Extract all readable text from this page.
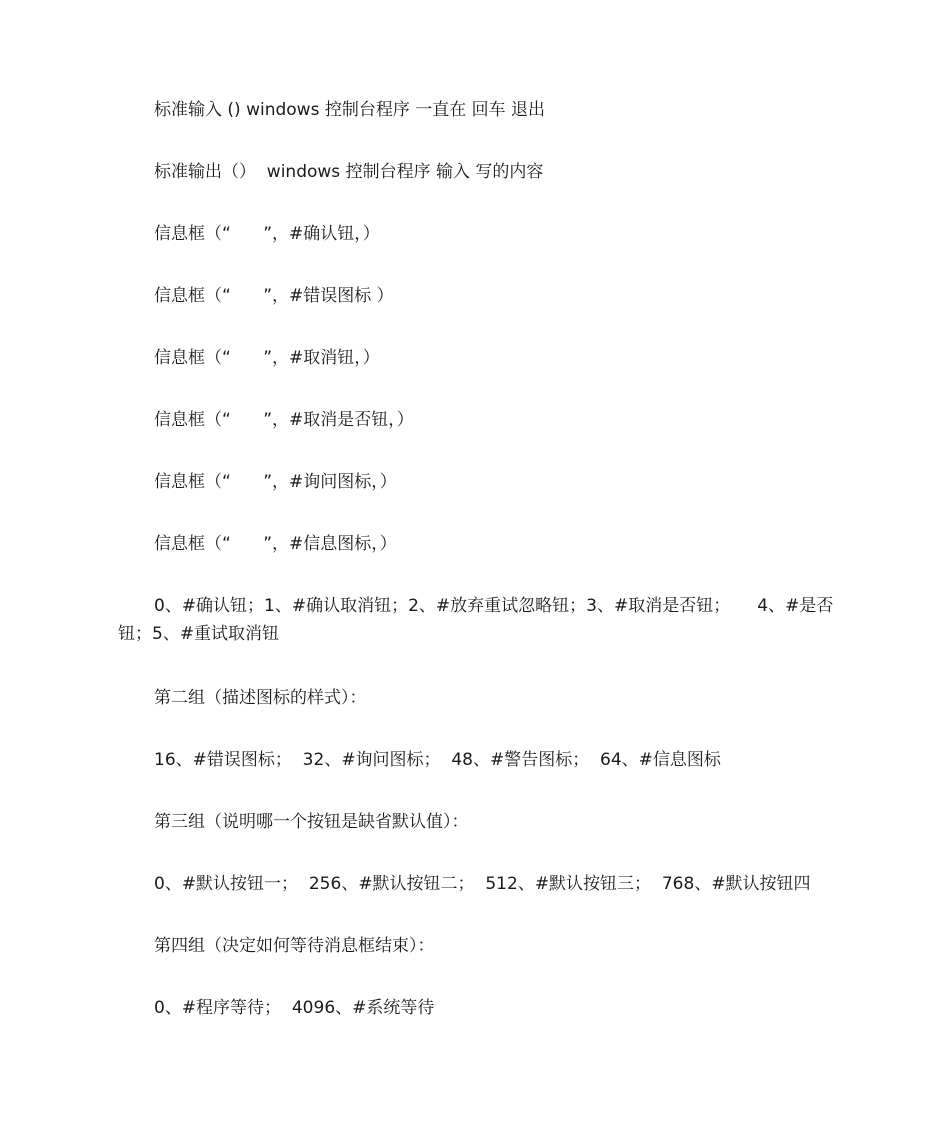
标准输入 () windows 控制台程序 一直在 回车 退出

标准输出（）  windows 控制台程序 输入 写的内容

信息框（“      ”，#确认钮，）

信息框（“      ”，#错误图标 ）

信息框（“      ”，#取消钮，）

信息框（“      ”，#取消是否钮，）

信息框（“      ”，#询问图标，）

信息框（“      ”，#信息图标，）

0、#确认钮；1、#确认取消钮；2、#放弃重试忽略钮；3、#取消是否钮；     4、#是否钮；5、#重试取消钮

第二组（描述图标的样式）：

16、#错误图标；  32、#询问图标；  48、#警告图标；  64、#信息图标

第三组（说明哪一个按钮是缺省默认值）：

0、#默认按钮一；  256、#默认按钮二；  512、#默认按钮三；  768、#默认按钮四

第四组（决定如何等待消息框结束）：

0、#程序等待；  4096、#系统等待
